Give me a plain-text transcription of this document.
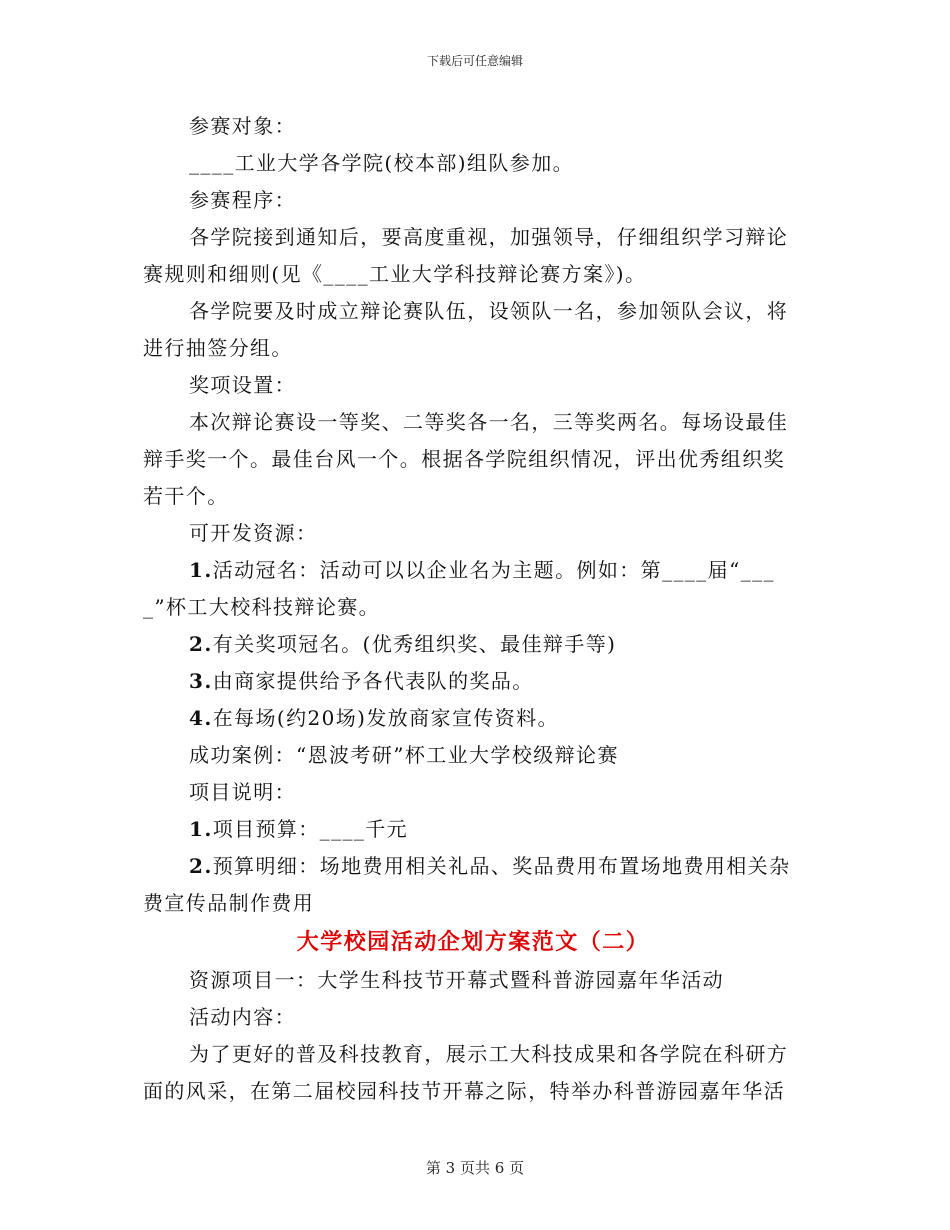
下载后可任意编辑
参赛对象：
____工业大学各学院(校本部)组队参加。
参赛程序：
各学院接到通知后，要高度重视，加强领导，仔细组织学习辩论
赛规则和细则(见《____工业大学科技辩论赛方案》)。
各学院要及时成立辩论赛队伍，设领队一名，参加领队会议，将
进行抽签分组。
奖项设置：
本次辩论赛设一等奖、二等奖各一名，三等奖两名。每场设最佳
辩手奖一个。最佳台风一个。根据各学院组织情况，评出优秀组织奖
若干个。
可开发资源：
1.活动冠名：活动可以以企业名为主题。例如：第____届“___
_”杯工大校科技辩论赛。
2.有关奖项冠名。(优秀组织奖、最佳辩手等)
3.由商家提供给予各代表队的奖品。
4.在每场(约20场)发放商家宣传资料。
成功案例：“恩波考研”杯工业大学校级辩论赛
项目说明：
1.项目预算：____千元
2.预算明细：场地费用相关礼品、奖品费用布置场地费用相关杂
费宣传品制作费用
大学校园活动企划方案范文（二）
资源项目一：大学生科技节开幕式暨科普游园嘉年华活动
活动内容：
为了更好的普及科技教育，展示工大科技成果和各学院在科研方
面的风采，在第二届校园科技节开幕之际，特举办科普游园嘉年华活
第 3 页共 6 页
